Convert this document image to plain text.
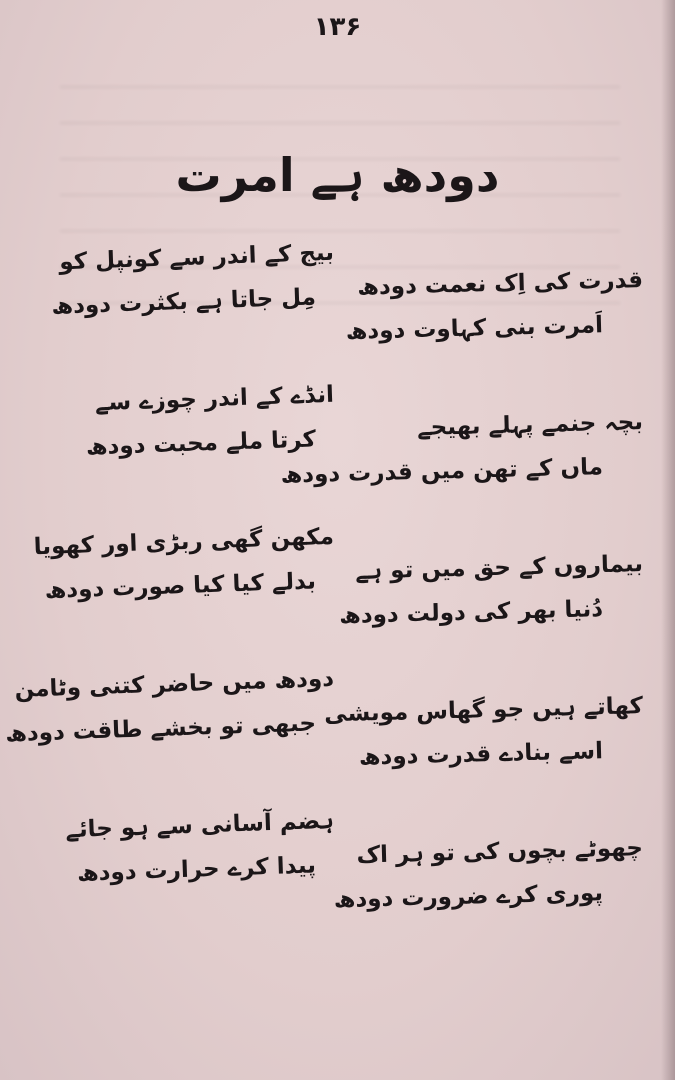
۱۳۶
دودھ ہے امرت
قدرت کی اِک نعمت دودھ
اَمرت بنی کہاوت دودھ
بچہ جنمے پہلے بھیجے
ماں کے تھن میں قدرت دودھ
بیماروں کے حق میں تو ہے
دُنیا بھر کی دولت دودھ
کھاتے ہیں جو گھاس مویشی
اسے بنادے قدرت دودھ
چھوٹے بچوں کی تو ہر اک
پوری کرے ضرورت دودھ
بیج کے اندر سے کونپل کو
مِل جاتا ہے بکثرت دودھ
انڈے کے اندر چوزے سے
کرتا ملے محبت دودھ
مکھن گھی ربڑی اور کھویا
بدلے کیا کیا صورت دودھ
دودھ میں حاضر کتنی وٹامن
جبھی تو بخشے طاقت دودھ
ہضم آسانی سے ہو جائے
پیدا کرے حرارت دودھ
